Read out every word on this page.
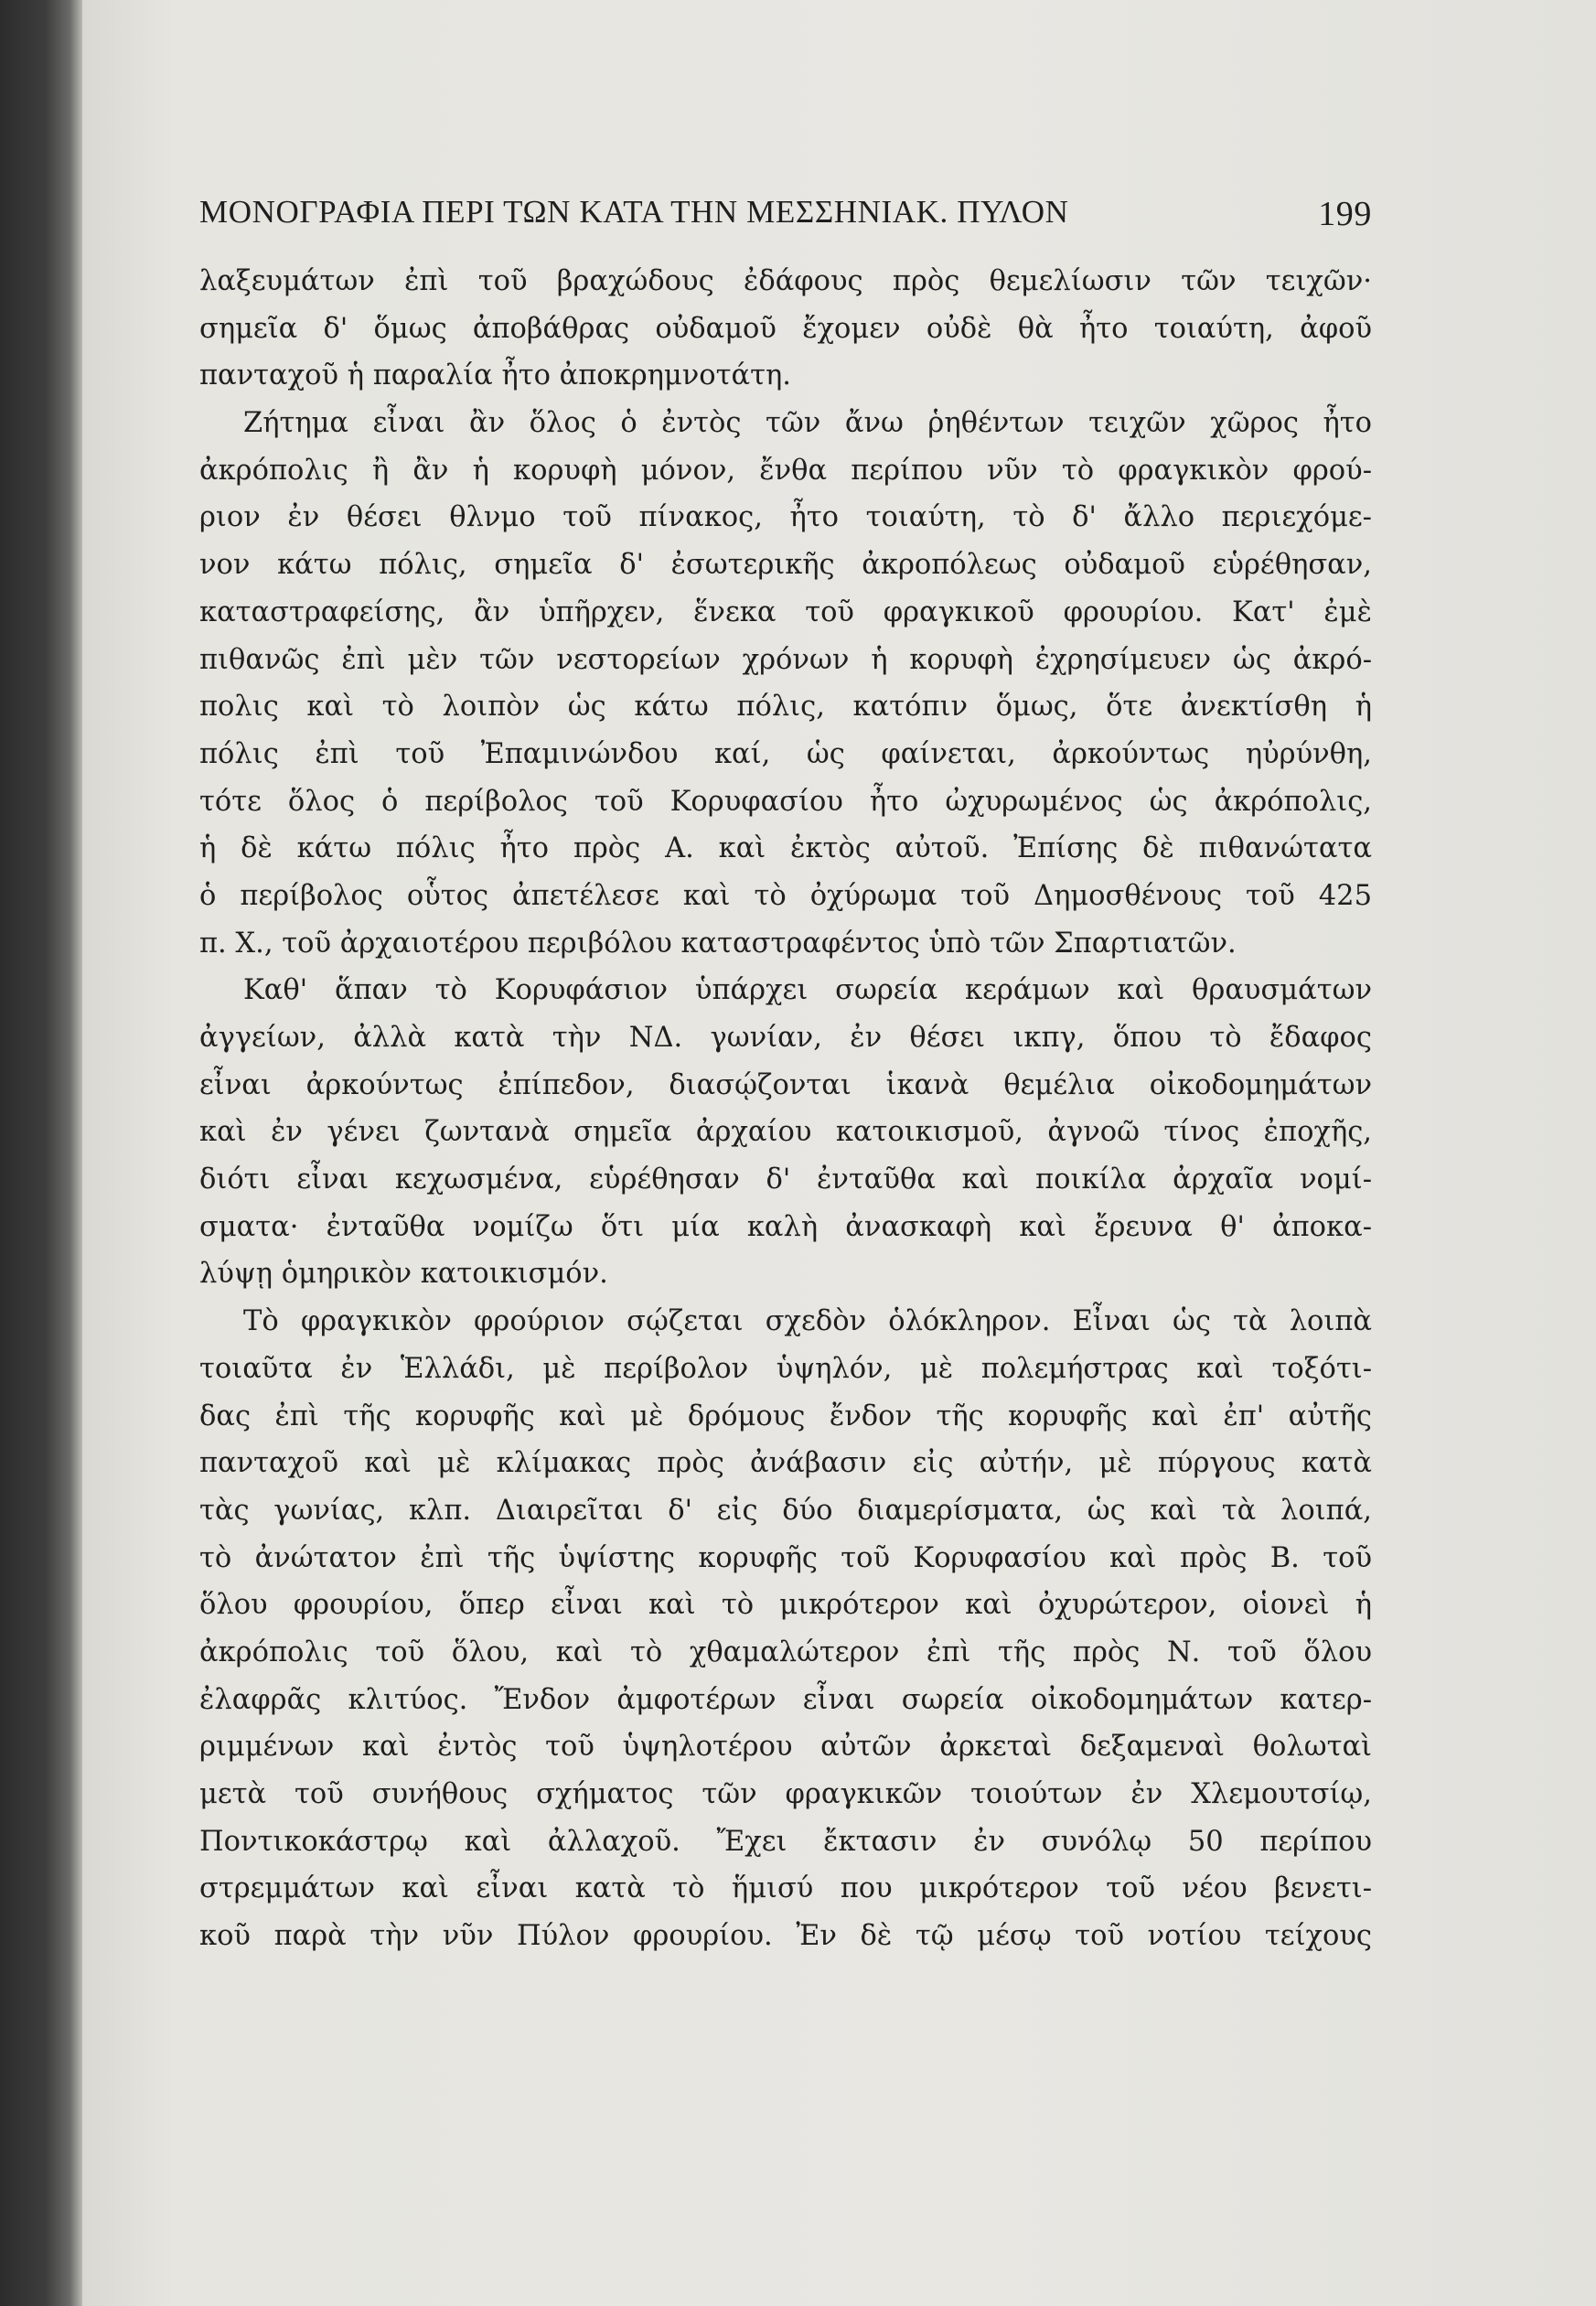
ΜΟΝΟΓΡΑΦΙΑ ΠΕΡΙ ΤΩΝ ΚΑΤΑ ΤΗΝ ΜΕΣΣΗΝΙΑΚ. ΠΥΛΟΝ	199
λαξευμάτων ἐπὶ τοῦ βραχώδους ἐδάφους πρὸς θεμελίωσιν τῶν τειχῶν·
σημεῖα δ' ὅμως ἀποβάθρας οὐδαμοῦ ἔχομεν οὐδὲ θὰ ἦτο τοιαύτη, ἀφοῦ
πανταχοῦ ἡ παραλία ἦτο ἀποκρημνοτάτη.
Ζήτημα εἶναι ἂν ὅλος ὁ ἐντὸς τῶν ἄνω ῥηθέντων τειχῶν χῶρος ἦτο
ἀκρόπολις ἢ ἂν ἡ κορυφὴ μόνον, ἔνθα περίπου νῦν τὸ φραγκικὸν φρού-
ριον ἐν θέσει θλνμο τοῦ πίνακος, ἦτο τοιαύτη, τὸ δ' ἄλλο περιεχόμε-
νον κάτω πόλις, σημεῖα δ' ἐσωτερικῆς ἀκροπόλεως οὐδαμοῦ εὑρέθησαν,
καταστραφείσης, ἂν ὑπῆρχεν, ἕνεκα τοῦ φραγκικοῦ φρουρίου. Κατ' ἐμὲ
πιθανῶς ἐπὶ μὲν τῶν νεστορείων χρόνων ἡ κορυφὴ ἐχρησίμευεν ὡς ἀκρό-
πολις καὶ τὸ λοιπὸν ὡς κάτω πόλις, κατόπιν ὅμως, ὅτε ἀνεκτίσθη ἡ
πόλις ἐπὶ τοῦ Ἐπαμινώνδου καί, ὡς φαίνεται, ἀρκούντως ηὐρύνθη,
τότε ὅλος ὁ περίβολος τοῦ Κορυφασίου ἦτο ὠχυρωμένος ὡς ἀκρόπολις,
ἡ δὲ κάτω πόλις ἦτο πρὸς Α. καὶ ἐκτὸς αὐτοῦ. Ἐπίσης δὲ πιθανώτατα
ὁ περίβολος οὗτος ἀπετέλεσε καὶ τὸ ὀχύρωμα τοῦ Δημοσθένους τοῦ 425
π. Χ., τοῦ ἀρχαιοτέρου περιβόλου καταστραφέντος ὑπὸ τῶν Σπαρτιατῶν.
Καθ' ἅπαν τὸ Κορυφάσιον ὑπάρχει σωρεία κεράμων καὶ θραυσμάτων
ἀγγείων, ἀλλὰ κατὰ τὴν ΝΔ. γωνίαν, ἐν θέσει ικπγ, ὅπου τὸ ἔδαφος
εἶναι ἀρκούντως ἐπίπεδον, διασῴζονται ἱκανὰ θεμέλια οἰκοδομημάτων
καὶ ἐν γένει ζωντανὰ σημεῖα ἀρχαίου κατοικισμοῦ, ἀγνοῶ τίνος ἐποχῆς,
διότι εἶναι κεχωσμένα, εὑρέθησαν δ' ἐνταῦθα καὶ ποικίλα ἀρχαῖα νομί-
σματα· ἐνταῦθα νομίζω ὅτι μία καλὴ ἀνασκαφὴ καὶ ἔρευνα θ' ἀποκα-
λύψῃ ὁμηρικὸν κατοικισμόν.
Τὸ φραγκικὸν φρούριον σῴζεται σχεδὸν ὁλόκληρον. Εἶναι ὡς τὰ λοιπὰ
τοιαῦτα ἐν Ἑλλάδι, μὲ περίβολον ὑψηλόν, μὲ πολεμήστρας καὶ τοξότι-
δας ἐπὶ τῆς κορυφῆς καὶ μὲ δρόμους ἔνδον τῆς κορυφῆς καὶ ἐπ' αὐτῆς
πανταχοῦ καὶ μὲ κλίμακας πρὸς ἀνάβασιν εἰς αὐτήν, μὲ πύργους κατὰ
τὰς γωνίας, κλπ. Διαιρεῖται δ' εἰς δύο διαμερίσματα, ὡς καὶ τὰ λοιπά,
τὸ ἀνώτατον ἐπὶ τῆς ὑψίστης κορυφῆς τοῦ Κορυφασίου καὶ πρὸς Β. τοῦ
ὅλου φρουρίου, ὅπερ εἶναι καὶ τὸ μικρότερον καὶ ὀχυρώτερον, οἱονεὶ ἡ
ἀκρόπολις τοῦ ὅλου, καὶ τὸ χθαμαλώτερον ἐπὶ τῆς πρὸς Ν. τοῦ ὅλου
ἐλαφρᾶς κλιτύος. Ἔνδον ἀμφοτέρων εἶναι σωρεία οἰκοδομημάτων κατερ-
ριμμένων καὶ ἐντὸς τοῦ ὑψηλοτέρου αὐτῶν ἀρκεταὶ δεξαμεναὶ θολωταὶ
μετὰ τοῦ συνήθους σχήματος τῶν φραγκικῶν τοιούτων ἐν Χλεμουτσίῳ,
Ποντικοκάστρῳ καὶ ἀλλαχοῦ. Ἔχει ἔκτασιν ἐν συνόλῳ 50 περίπου
στρεμμάτων καὶ εἶναι κατὰ τὸ ἥμισύ που μικρότερον τοῦ νέου βενετι-
κοῦ παρὰ τὴν νῦν Πύλον φρουρίου. Ἐν δὲ τῷ μέσῳ τοῦ νοτίου τείχους
